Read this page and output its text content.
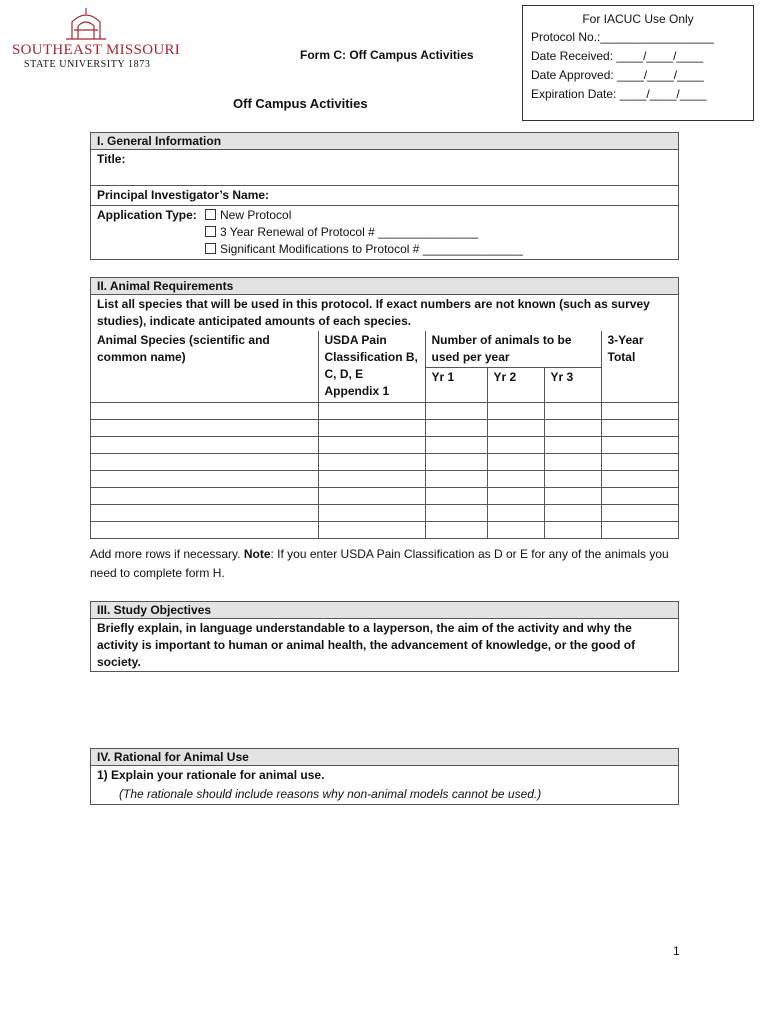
SOUTHEAST MISSOURI
STATE UNIVERSITY 1873
Form C: Off Campus Activities
Off Campus Activities
For IACUC Use Only
Protocol No.:_________________
Date Received: ____/____/____
Date Approved: ____/____/____
Expiration Date: ____/____/____
I. General Information
Title:
Principal Investigator’s Name:
Application Type:	New Protocol
3 Year Renewal of Protocol # _______________
Significant Modifications to Protocol # _______________
II. Animal Requirements
List all species that will be used in this protocol. If exact numbers are not known (such as survey studies), indicate anticipated amounts of each species.
Animal Species (scientific and common name)	USDA Pain Classification B, C, D, E Appendix 1	Number of animals to be used per year			3-Year Total
		Yr 1	Yr 2	Yr 3	

Add more rows if necessary. Note: If you enter USDA Pain Classification as D or E for any of the animals you need to complete form H.
III. Study Objectives
Briefly explain, in language understandable to a layperson, the aim of the activity and why the activity is important to human or animal health, the advancement of knowledge, or the good of society.
IV. Rational for Animal Use
1) Explain your rationale for animal use.
(The rationale should include reasons why non-animal models cannot be used.)
1
